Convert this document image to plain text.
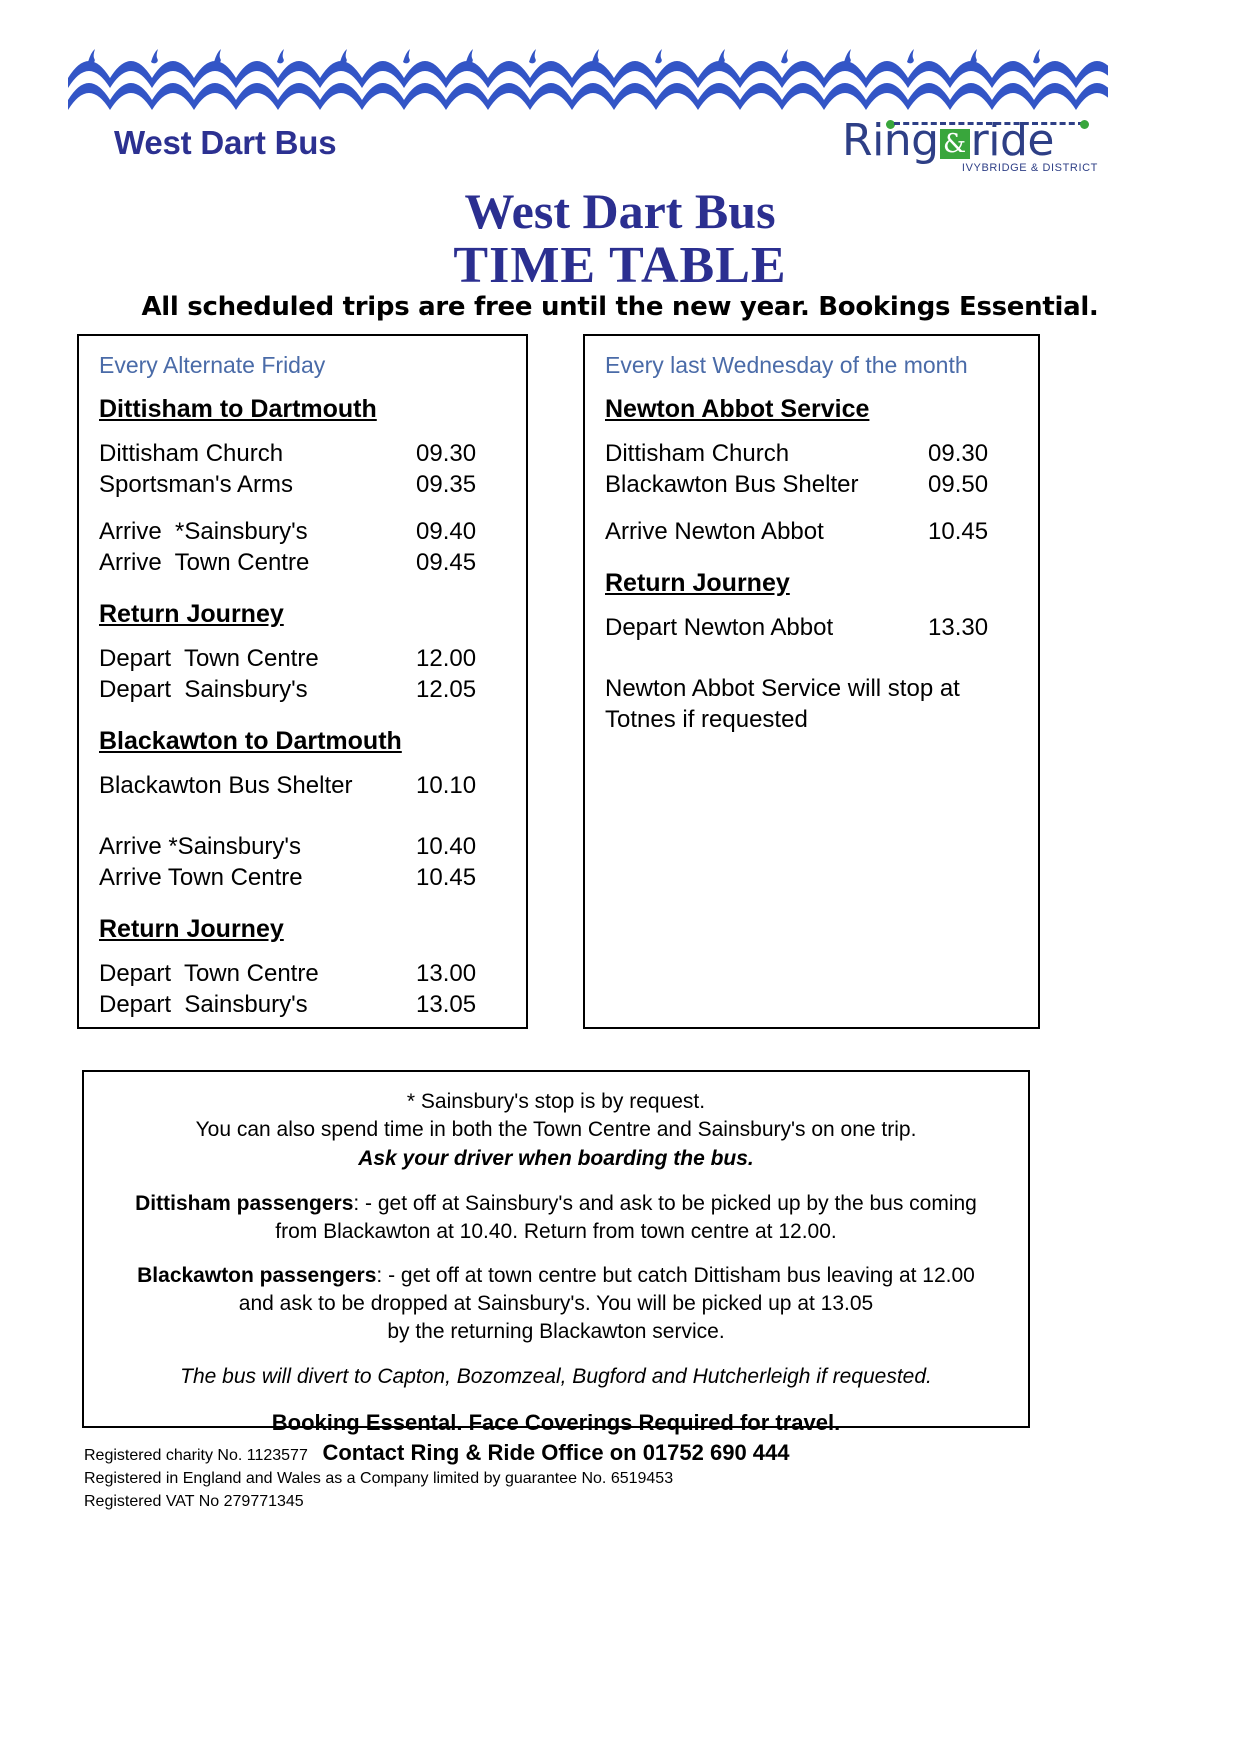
West Dart Bus	Ring & ride
IVYBRIDGE & DISTRICT
West Dart Bus
TIME TABLE
All scheduled trips are free until the new year. Bookings Essential.
Every Alternate Friday
Dittisham to Dartmouth
Dittisham Church	09.30
Sportsman's Arms	09.35
Arrive  *Sainsbury's	09.40
Arrive  Town Centre	09.45
Return Journey
Depart  Town Centre	12.00
Depart  Sainsbury's	12.05
Blackawton to Dartmouth
Blackawton Bus Shelter	10.10
Arrive *Sainsbury's	10.40
Arrive Town Centre	10.45
Return Journey
Depart  Town Centre	13.00
Depart  Sainsbury's	13.05
Every last Wednesday of the month
Newton Abbot Service
Dittisham Church	09.30
Blackawton Bus Shelter	09.50
Arrive Newton Abbot	10.45
Return Journey
Depart Newton Abbot	13.30
Newton Abbot Service will stop at Totnes if requested
* Sainsbury's stop is by request.
You can also spend time in both the Town Centre and Sainsbury's on one trip.
Ask your driver when boarding the bus.
Dittisham passengers: - get off at Sainsbury's and ask to be picked up by the bus coming
from Blackawton at 10.40. Return from town centre at 12.00.
Blackawton passengers: - get off at town centre but catch Dittisham bus leaving at 12.00
and ask to be dropped at Sainsbury's. You will be picked up at 13.05
by the returning Blackawton service.
The bus will divert to Capton, Bozomzeal, Bugford and Hutcherleigh if requested.
Booking Essental. Face Coverings Required for travel.
Contact Ring & Ride Office on 01752 690 444
Registered charity No. 1123577
Registered in England and Wales as a Company limited by guarantee No. 6519453
Registered VAT No 279771345
